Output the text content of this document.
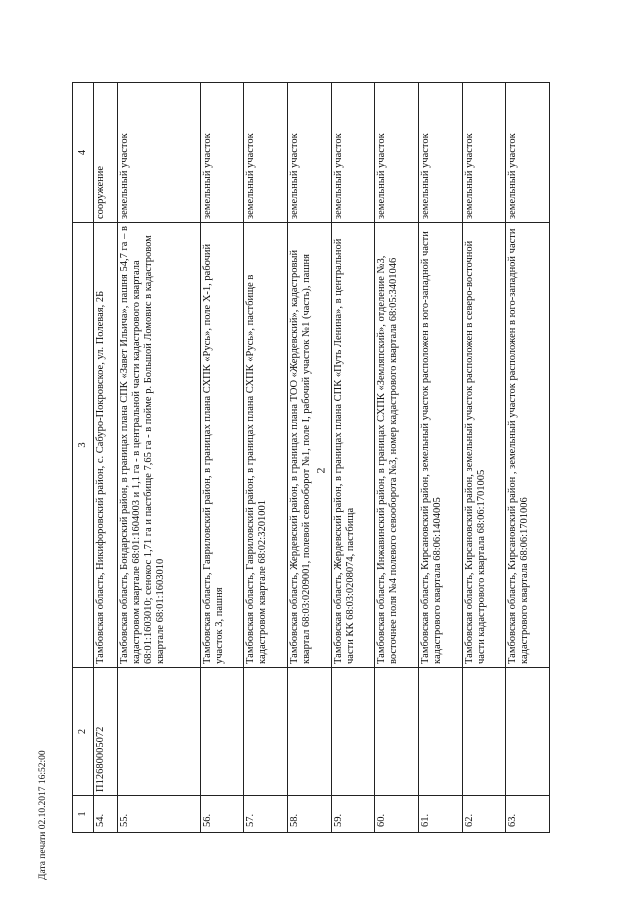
2
1	2	3	4
54.	П12680005072	Тамбовская область, Никифоровский район, с. Сабуро-Покровское, ул. Полевая, 2Б	сооружение
55.		Тамбовская область, Бондарский район, в границах плана СПК «Завет Ильича», пашня 54,7 га – в кадастровом квартале 68:01:1604003 и 1,1 га - в центральной части кадастрового квартала 68:01:1603010; сенокос 1,71 га и пастбище 7,65 га - в пойме р. Большой Ломовис в кадастровом квартале 68:01:1603010	земельный участок
56.		Тамбовская область, Гавриловский район, в границах плана СХПК «Русь», поле Х-1, рабочий участок 3, пашня	земельный участок
57.		Тамбовская область, Гавриловский район, в границах плана СХПК «Русь», пастбище в кадастровом квартале 68:02:3201001	земельный участок
58.		Тамбовская область, Жердевский район, в границах плана ТОО «Жердевский», кадастровый квартал 68:03:0209001, полевой севооборот №1, поле I, рабочий участок №1 (часть), пашня	земельный участок
59.		Тамбовская область, Жердевский район, в границах плана СПК «Путь Ленина», в центральной части КК 68:03:0208074, пастбища	земельный участок
60.		Тамбовская область, Инжавинский район, в границах СХПК «Земляпский», отделение №3, восточнее поля №4 полевого севооборота №3, номер кадастрового квартала 68:05:3401046	земельный участок
61.		Тамбовская область, Кирсановский район, земельный участок расположен в юго-западной части кадастрового квартала 68:06:1404005	земельный участок
62.		Тамбовская область, Кирсановский район, земельный участок расположен в северо-восточной части кадастрового квартала 68:06:1701005	земельный участок
63.		Тамбовская область, Кирсановский район , земельный участок расположен в юго-западной части кадастрового квартала 68:06:1701006	земельный участок
Дата печати 02.10.2017 16:52:00
